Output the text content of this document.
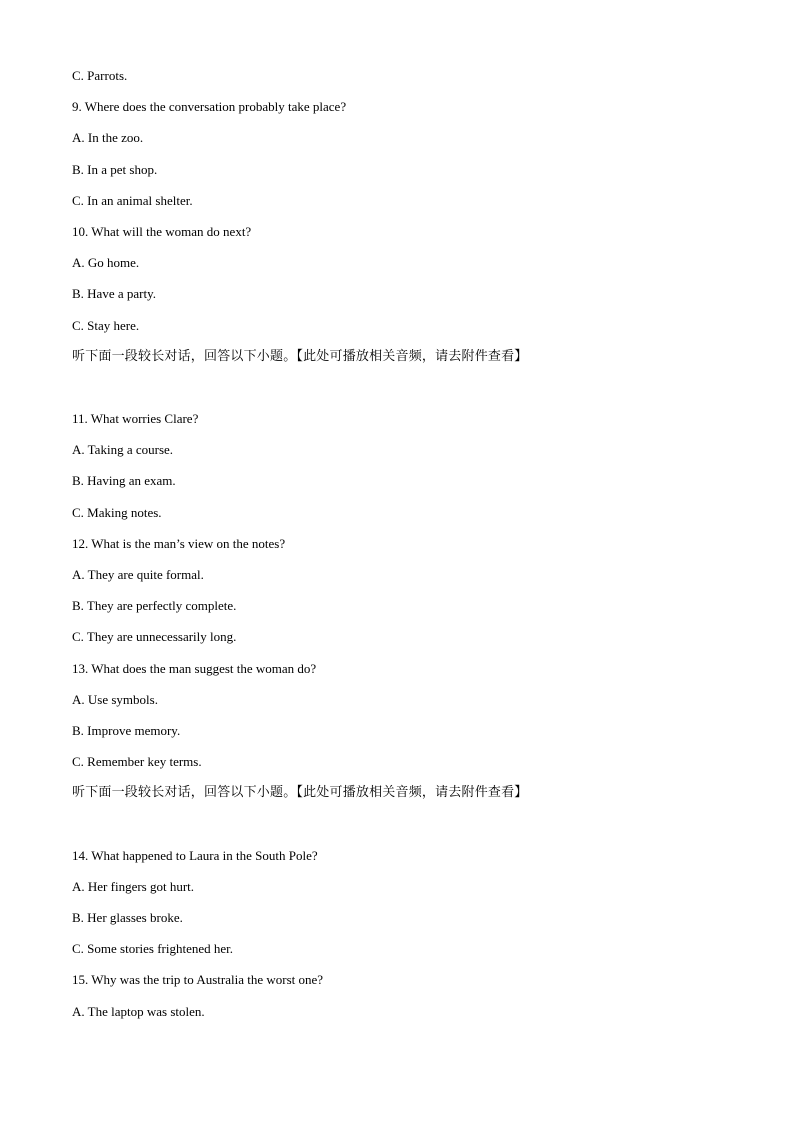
C. Parrots.
9. Where does the conversation probably take place?
A. In the zoo.
B. In a pet shop.
C. In an animal shelter.
10. What will the woman do next?
A. Go home.
B. Have a party.
C. Stay here.
听下面一段较长对话，回答以下小题。【此处可播放相关音频，请去附件查看】
11. What worries Clare?
A. Taking a course.
B. Having an exam.
C. Making notes.
12. What is the man’s view on the notes?
A. They are quite formal.
B. They are perfectly complete.
C. They are unnecessarily long.
13. What does the man suggest the woman do?
A. Use symbols.
B. Improve memory.
C. Remember key terms.
听下面一段较长对话，回答以下小题。【此处可播放相关音频，请去附件查看】
14. What happened to Laura in the South Pole?
A. Her fingers got hurt.
B. Her glasses broke.
C. Some stories frightened her.
15. Why was the trip to Australia the worst one?
A. The laptop was stolen.
